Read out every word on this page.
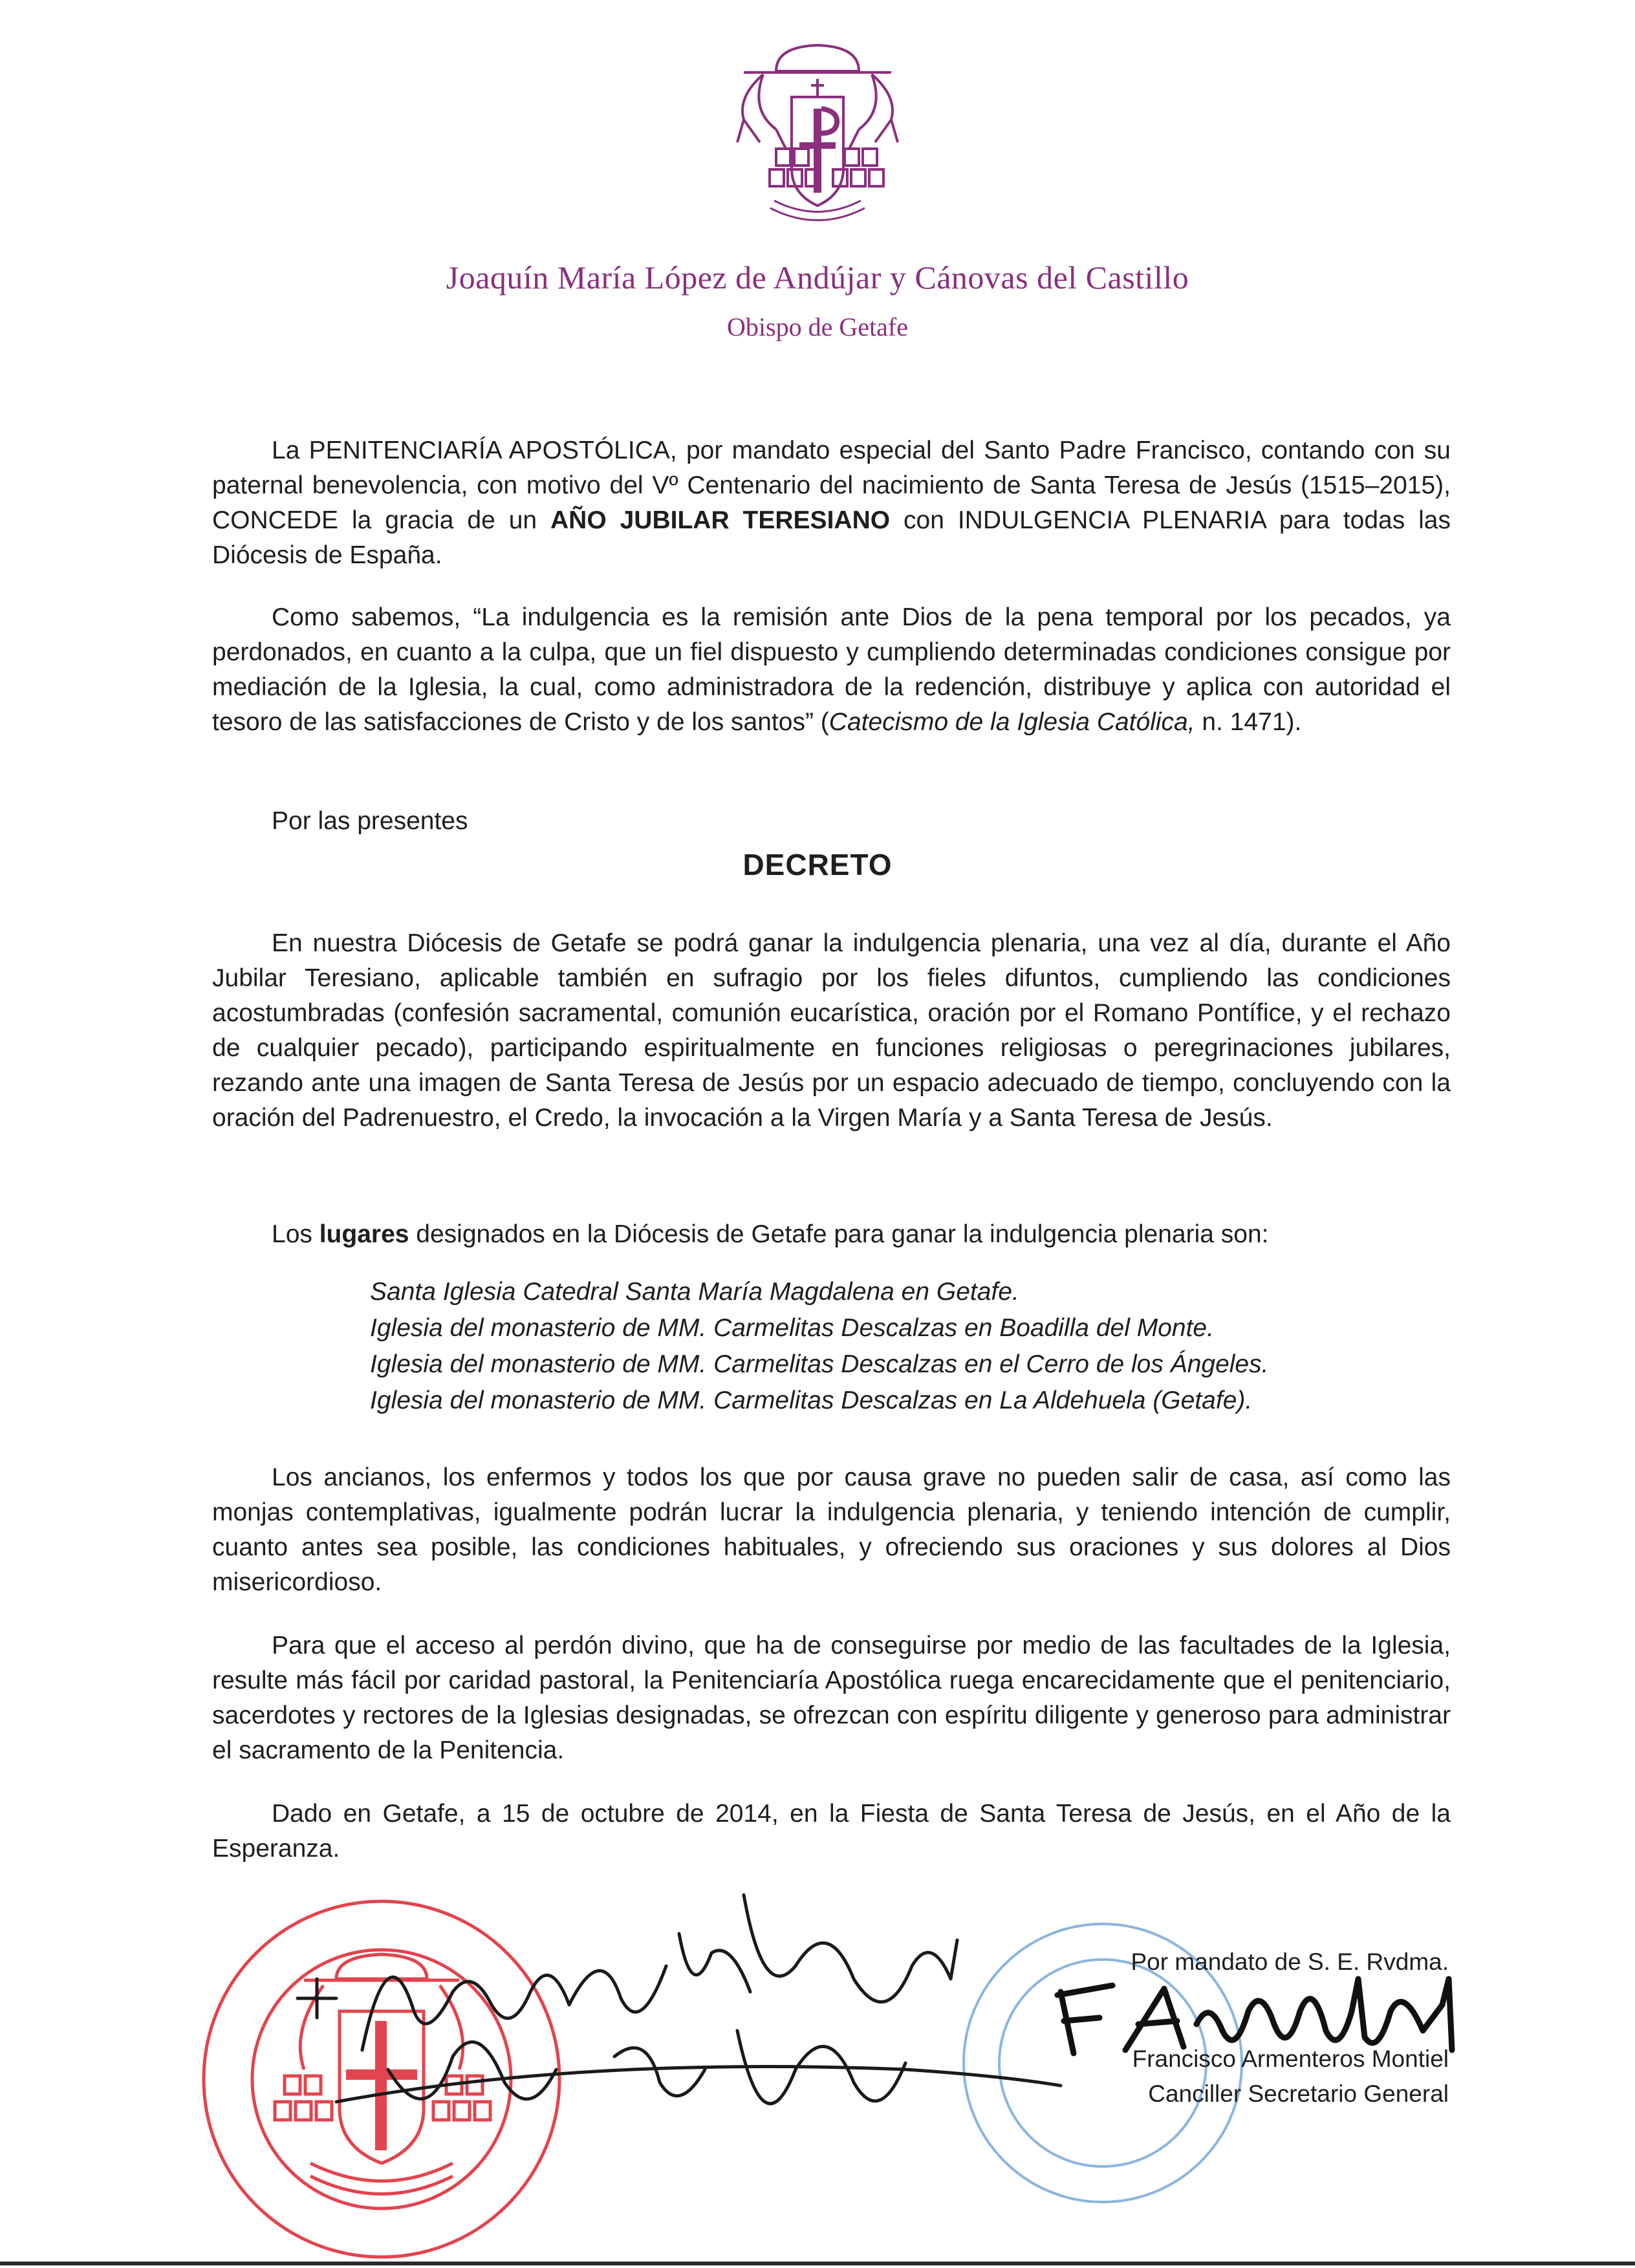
Joaquín María López de Andújar y Cánovas del Castillo
Obispo de Getafe
La PENITENCIARÍA APOSTÓLICA, por mandato especial del Santo Padre Francisco, contando con su paternal benevolencia, con motivo del Vº Centenario del nacimiento de Santa Teresa de Jesús (1515–2015), CONCEDE la gracia de un AÑO JUBILAR TERESIANO con INDULGENCIA PLENARIA para todas las Diócesis de España.
Como sabemos, “La indulgencia es la remisión ante Dios de la pena temporal por los pecados, ya perdonados, en cuanto a la culpa, que un fiel dispuesto y cumpliendo determinadas condiciones consigue por mediación de la Iglesia, la cual, como administradora de la redención, distribuye y aplica con autoridad el tesoro de las satisfacciones de Cristo y de los santos” (Catecismo de la Iglesia Católica, n. 1471).
Por las presentes
DECRETO
En nuestra Diócesis de Getafe se podrá ganar la indulgencia plenaria, una vez al día, durante el Año Jubilar Teresiano, aplicable también en sufragio por los fieles difuntos, cumpliendo las condiciones acostumbradas (confesión sacramental, comunión eucarística, oración por el Romano Pontífice, y el rechazo de cualquier pecado), participando espiritualmente en funciones religiosas o peregrinaciones jubilares, rezando ante una imagen de Santa Teresa de Jesús por un espacio adecuado de tiempo, concluyendo con la oración del Padrenuestro, el Credo, la invocación a la Virgen María y a Santa Teresa de Jesús.
Los lugares designados en la Diócesis de Getafe para ganar la indulgencia plenaria son:
Santa Iglesia Catedral Santa María Magdalena en Getafe.
Iglesia del monasterio de MM. Carmelitas Descalzas en Boadilla del Monte.
Iglesia del monasterio de MM. Carmelitas Descalzas en el Cerro de los Ángeles.
Iglesia del monasterio de MM. Carmelitas Descalzas en La Aldehuela (Getafe).
Los ancianos, los enfermos y todos los que por causa grave no pueden salir de casa, así como las monjas contemplativas, igualmente podrán lucrar la indulgencia plenaria, y teniendo intención de cumplir, cuanto antes sea posible, las condiciones habituales, y ofreciendo sus oraciones y sus dolores al Dios misericordioso.
Para que el acceso al perdón divino, que ha de conseguirse por medio de las facultades de la Iglesia, resulte más fácil por caridad pastoral, la Penitenciaría Apostólica ruega encarecidamente que el penitenciario, sacerdotes y rectores de la Iglesias designadas, se ofrezcan con espíritu diligente y generoso para administrar el sacramento de la Penitencia.
Dado en Getafe, a 15 de octubre de 2014, en la Fiesta de Santa Teresa de Jesús, en el Año de la Esperanza.
Por mandato de S. E. Rvdma.
Francisco Armenteros Montiel
Canciller Secretario General
